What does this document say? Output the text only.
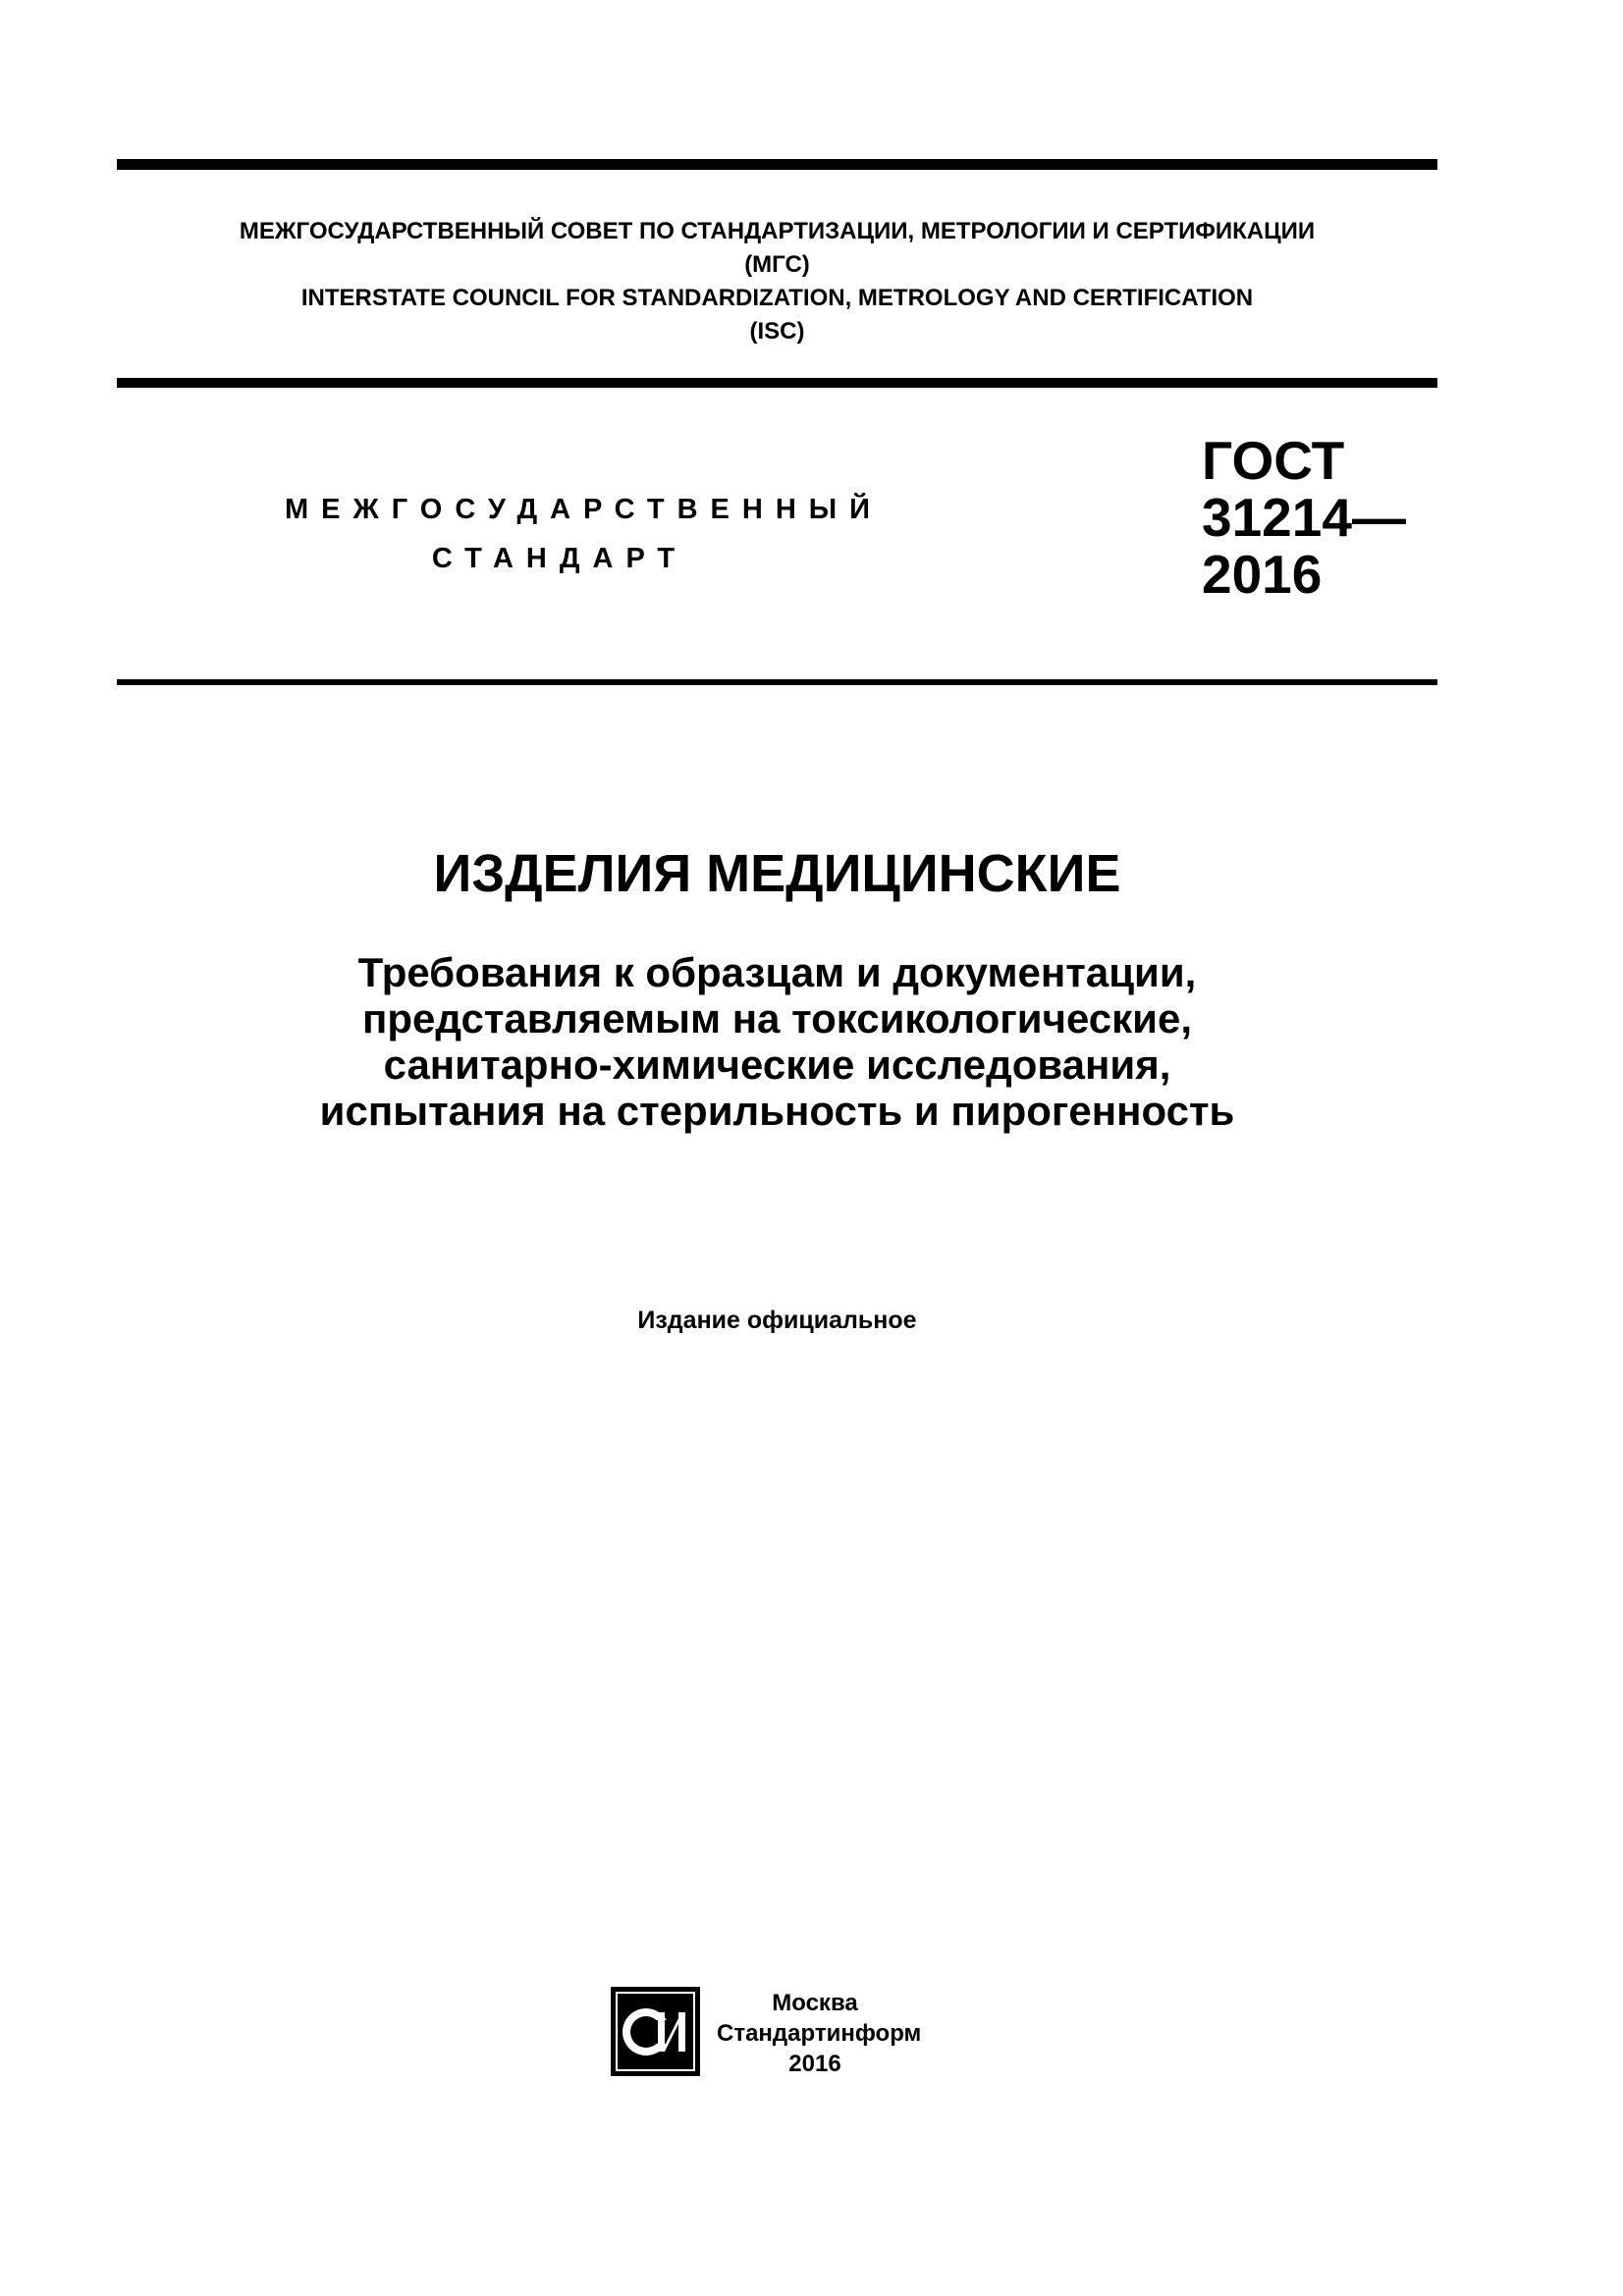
МЕЖГОСУДАРСТВЕННЫЙ СОВЕТ ПО СТАНДАРТИЗАЦИИ, МЕТРОЛОГИИ И СЕРТИФИКАЦИИ
(МГС)
INTERSTATE COUNCIL FOR STANDARDIZATION, METROLOGY AND CERTIFICATION
(ISC)
МЕЖГОСУДАРСТВЕННЫЙ
СТАНДАРТ
ГОСТ
31214—
2016
ИЗДЕЛИЯ МЕДИЦИНСКИЕ
Требования к образцам и документации,
представляемым на токсикологические,
санитарно-химические исследования,
испытания на стерильность и пирогенность
Издание официальное
Москва
Стандартинформ
2016
